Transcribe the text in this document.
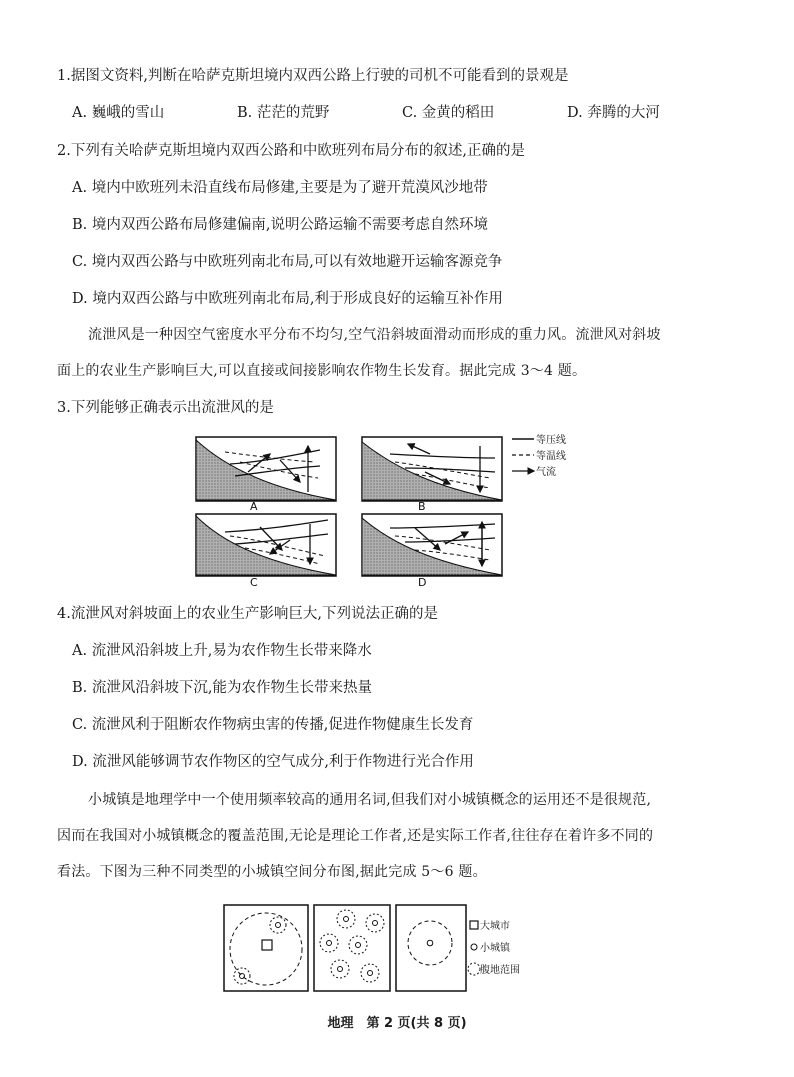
1.据图文资料,判断在哈萨克斯坦境内双西公路上行驶的司机不可能看到的景观是
A. 巍峨的雪山	B. 茫茫的荒野	C. 金黄的稻田	D. 奔腾的大河
2.下列有关哈萨克斯坦境内双西公路和中欧班列布局分布的叙述,正确的是
A. 境内中欧班列未沿直线布局修建,主要是为了避开荒漠风沙地带
B. 境内双西公路布局修建偏南,说明公路运输不需要考虑自然环境
C. 境内双西公路与中欧班列南北布局,可以有效地避开运输客源竞争
D. 境内双西公路与中欧班列南北布局,利于形成良好的运输互补作用
流泄风是一种因空气密度水平分布不均匀,空气沿斜坡面滑动而形成的重力风。流泄风对斜坡
面上的农业生产影响巨大,可以直接或间接影响农作物生长发育。据此完成 3～4 题。
3.下列能够正确表示出流泄风的是
A	B
C	D
等压线
等温线
气流
4.流泄风对斜坡面上的农业生产影响巨大,下列说法正确的是
A. 流泄风沿斜坡上升,易为农作物生长带来降水
B. 流泄风沿斜坡下沉,能为农作物生长带来热量
C. 流泄风利于阻断农作物病虫害的传播,促进作物健康生长发育
D. 流泄风能够调节农作物区的空气成分,利于作物进行光合作用
小城镇是地理学中一个使用频率较高的通用名词,但我们对小城镇概念的运用还不是很规范,
因而在我国对小城镇概念的覆盖范围,无论是理论工作者,还是实际工作者,往往存在着许多不同的
看法。下图为三种不同类型的小城镇空间分布图,据此完成 5～6 题。
大城市
小城镇
腹地范围
地理　第 2 页(共 8 页)
